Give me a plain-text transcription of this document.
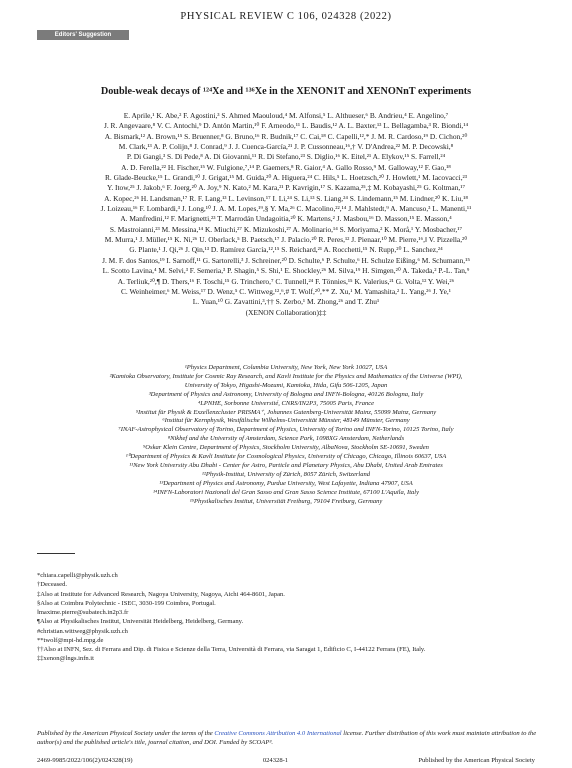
PHYSICAL REVIEW C 106, 024328 (2022)
Editors' Suggestion
Double-weak decays of ¹²⁴Xe and ¹³⁶Xe in the XENON1T and XENONnT experiments
E. Aprile,¹ K. Abe,² F. Agostini,³ S. Ahmed Maouloud,⁴ M. Alfonsi,⁵ L. Althueser,⁶ B. Andrieu,⁴ E. Angelino,⁷
J. R. Angevaare,⁸ V. C. Antochi,⁹ D. Antón Martin,¹⁰ F. Arneodo,¹¹ L. Baudis,¹² A. L. Baxter,¹³ L. Bellagamba,³ R. Biondi,¹⁴
A. Bismark,¹² A. Brown,¹⁵ S. Bruenner,⁸ G. Bruno,¹⁶ R. Budnik,¹⁷ C. Cai,¹⁸ C. Capelli,¹²,* J. M. R. Cardoso,¹⁹ D. Cichon,²⁰
M. Clark,¹³ A. P. Colijn,⁸ J. Conrad,⁹ J. J. Cuenca-García,²¹ J. P. Cussonneau,¹⁶,† V. D'Andrea,²² M. P. Decowski,⁸
P. Di Gangi,³ S. Di Pede,⁸ A. Di Giovanni,¹¹ R. Di Stefano,²³ S. Diglio,¹⁶ K. Eitel,²¹ A. Elykov,¹⁵ S. Farrell,²⁴
A. D. Ferella,²² H. Fischer,¹⁵ W. Fulgione,⁷,¹⁴ P. Gaemers,⁸ R. Gaior,⁴ A. Gallo Rosso,⁹ M. Galloway,¹² F. Gao,¹⁸
R. Glade-Beucke,¹⁵ L. Grandi,¹⁰ J. Grigat,¹⁵ M. Guida,²⁰ A. Higuera,²⁴ C. Hils,⁵ L. Hoetzsch,²⁰ J. Howlett,¹ M. Iacovacci,²³
Y. Itow,²⁵ J. Jakob,⁶ F. Joerg,²⁰ A. Joy,⁹ N. Kato,² M. Kara,²¹ P. Kavrigin,¹⁷ S. Kazama,²⁵,‡ M. Kobayashi,²⁵ G. Koltman,¹⁷
A. Kopec,²⁶ H. Landsman,¹⁷ R. F. Lang,¹³ L. Levinson,¹⁷ I. Li,²⁴ S. Li,¹³ S. Liang,²⁴ S. Lindemann,¹⁵ M. Lindner,²⁰ K. Liu,¹⁸
J. Loizeau,¹⁶ F. Lombardi,³ J. Long,¹⁰ J. A. M. Lopes,¹⁹,§ Y. Ma,²⁶ C. Macolino,²²,¹⁴ J. Mahlstedt,⁹ A. Mancuso,³ L. Manenti,¹¹
A. Manfredini,¹² F. Marignetti,²³ T. Marrodán Undagoitia,²⁰ K. Martens,² J. Masbou,¹⁶ D. Masson,¹⁵ E. Masson,⁴
S. Mastroianni,²³ M. Messina,¹⁴ K. Miuchi,²⁷ K. Mizukoshi,²⁷ A. Molinario,¹⁴ S. Moriyama,² K. Morå,¹ Y. Mosbacher,¹⁷
M. Murra,¹ J. Müller,¹⁵ K. Ni,²⁶ U. Oberlack,⁵ B. Paetsch,¹⁷ J. Palacio,²⁰ R. Peres,¹² J. Pienaar,¹⁰ M. Pierre,¹⁶,‖ V. Pizzella,²⁰
G. Plante,¹ J. Qi,²⁶ J. Qin,¹³ D. Ramírez García,¹²,¹⁵ S. Reichard,²¹ A. Rocchetti,¹⁵ N. Rupp,²⁰ L. Sanchez,²⁴
J. M. F. dos Santos,¹⁹ I. Sarnoff,¹¹ G. Sartorelli,³ J. Schreiner,²⁰ D. Schulte,⁶ P. Schulte,⁶ H. Schulze Eißing,⁶ M. Schumann,¹⁵
L. Scotto Lavina,⁴ M. Selvi,³ F. Semeria,³ P. Shagin,⁵ S. Shi,¹ E. Shockley,²⁶ M. Silva,¹⁹ H. Simgen,²⁰ A. Takeda,² P.-L. Tan,⁹
A. Terliuk,²⁰,¶ D. Thers,¹⁶ F. Toschi,¹⁵ G. Trinchero,⁷ C. Tunnell,²⁴ F. Tönnies,¹⁵ K. Valerius,²¹ G. Volta,¹² Y. Wei,²⁶
C. Weinheimer,⁶ M. Weiss,¹⁷ D. Wenz,⁵ C. Wittweg,¹²,⁶,# T. Wolf,²⁰,** Z. Xu,¹ M. Yamashita,² L. Yang,²⁶ J. Ye,¹
L. Yuan,¹⁰ G. Zavattini,³,†† S. Zerbo,¹ M. Zhong,²⁶ and T. Zhu¹
(XENON Collaboration)‡‡
¹Physics Department, Columbia University, New York, New York 10027, USA
²Kamioka Observatory, Institute for Cosmic Ray Research, and Kavli Institute for the Physics and Mathematics of the Universe (WPI),
University of Tokyo, Higashi-Mozumi, Kamioka, Hida, Gifu 506-1205, Japan
³Department of Physics and Astronomy, University of Bologna and INFN-Bologna, 40126 Bologna, Italy
⁴LPNHE, Sorbonne Université, CNRS/IN2P3, 75005 Paris, France
⁵Institut für Physik & Exzellenzcluster PRISMA⁺, Johannes Gutenberg-Universität Mainz, 55099 Mainz, Germany
⁶Institut für Kernphysik, Westfälische Wilhelms-Universität Münster, 48149 Münster, Germany
⁷INAF-Astrophysical Observatory of Torino, Department of Physics, University of Torino and INFN-Torino, 10125 Torino, Italy
⁸Nikhef and the University of Amsterdam, Science Park, 1098XG Amsterdam, Netherlands
⁹Oskar Klein Centre, Department of Physics, Stockholm University, AlbaNova, Stockholm SE-10691, Sweden
¹⁰Department of Physics & Kavli Institute for Cosmological Physics, University of Chicago, Chicago, Illinois 60637, USA
¹¹New York University Abu Dhabi - Center for Astro, Particle and Planetary Physics, Abu Dhabi, United Arab Emirates
¹²Physik-Institut, University of Zürich, 8057 Zürich, Switzerland
¹³Department of Physics and Astronomy, Purdue University, West Lafayette, Indiana 47907, USA
¹⁴INFN-Laboratori Nazionali del Gran Sasso and Gran Sasso Science Institute, 67100 L'Aquila, Italy
¹⁵Physikalisches Institut, Universität Freiburg, 79104 Freiburg, Germany
*chiara.capelli@physik.uzh.ch
†Deceased.
‡Also at Institute for Advanced Research, Nagoya University, Nagoya, Aichi 464-8601, Japan.
§Also at Coimbra Polytechnic - ISEC, 3030-199 Coimbra, Portugal.
‖maxime.pierre@subatech.in2p3.fr
¶Also at Physikalisches Institut, Universität Heidelberg, Heidelberg, Germany.
#christian.wittweg@physik.uzh.ch
**twolf@mpi-hd.mpg.de
††Also at INFN, Sez. di Ferrara and Dip. di Fisica e Scienze della Terra, Università di Ferrara, via Saragat 1, Edificio C, I-44122 Ferrara (FE), Italy.
‡‡xenon@lngs.infn.it
Published by the American Physical Society under the terms of the Creative Commons Attribution 4.0 International license. Further distribution of this work must maintain attribution to the author(s) and the published article's title, journal citation, and DOI. Funded by SCOAP³.
2469-9985/2022/106(2)/024328(19)	024328-1	Published by the American Physical Society
